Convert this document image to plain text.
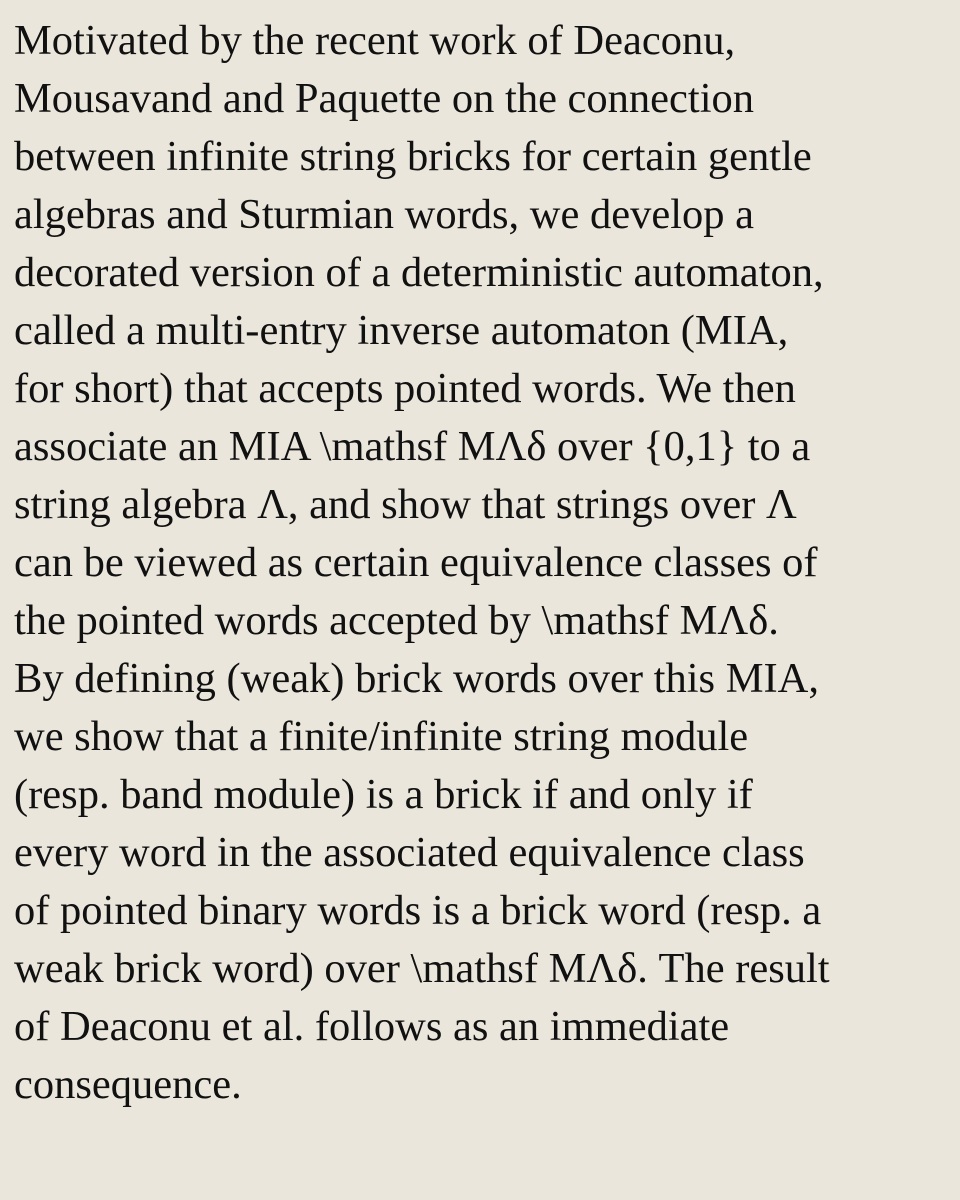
Motivated by the recent work of Deaconu,
Mousavand and Paquette on the connection
between infinite string bricks for certain gentle
algebras and Sturmian words, we develop a
decorated version of a deterministic automaton,
called a multi-entry inverse automaton (MIA,
for short) that accepts pointed words. We then
associate an MIA \mathsf MΛδ over {0,1} to a
string algebra Λ, and show that strings over Λ
can be viewed as certain equivalence classes of
the pointed words accepted by \mathsf MΛδ.
By defining (weak) brick words over this MIA,
we show that a finite/infinite string module
(resp. band module) is a brick if and only if
every word in the associated equivalence class
of pointed binary words is a brick word (resp. a
weak brick word) over \mathsf MΛδ. The result
of Deaconu et al. follows as an immediate
consequence.
